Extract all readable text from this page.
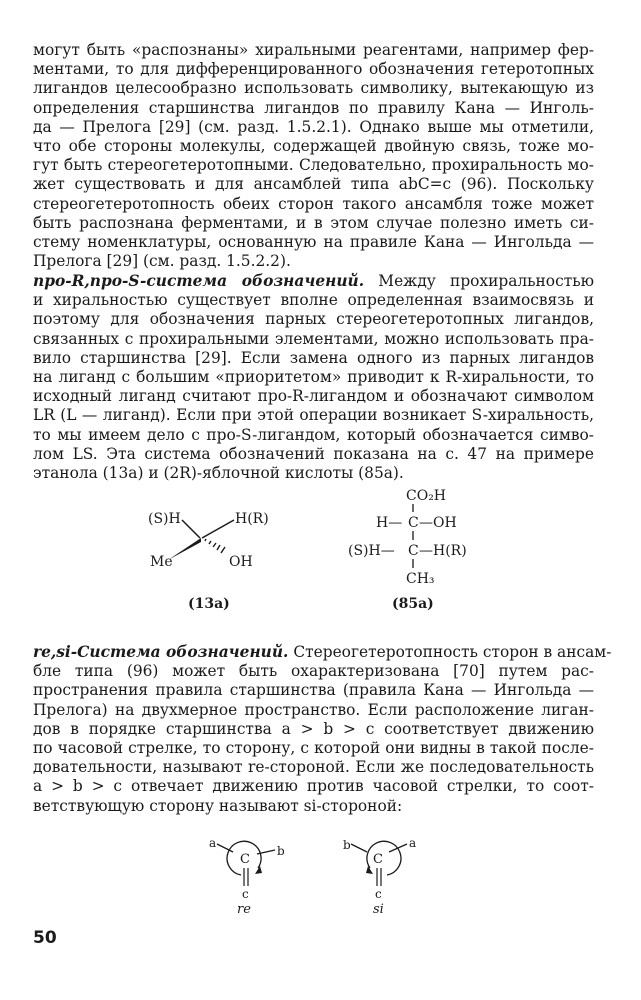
могут быть «распознаны» хиральными реагентами, например фер-
ментами, то для дифференцированного обозначения гетеротопных
лигандов целесообразно использовать символику, вытекающую из
определения старшинства лигандов по правилу Кана — Инголь-
да — Прелога [29] (см. разд. 1.5.2.1). Однако выше мы отметили,
что обе стороны молекулы, содержащей двойную связь, тоже мо-
гут быть стереогетеротопными. Следовательно, прохиральность мо-
жет существовать и для ансамблей типа abC=c (96). Поскольку
стереогетеротопность обеих сторон такого ансамбля тоже может
быть распознана ферментами, и в этом случае полезно иметь си-
стему номенклатуры, основанную на правиле Кана — Ингольда —
Прелога [29] (см. разд. 1.5.2.2).
про-R,про-S-система обозначений. Между прохиральностью
и хиральностью существует вполне определенная взаимосвязь и
поэтому для обозначения парных стереогетеротопных лигандов,
связанных с прохиральными элементами, можно использовать пра-
вило старшинства [29]. Если замена одного из парных лигандов
на лиганд с большим «приоритетом» приводит к R-хиральности, то
исходный лиганд считают про-R-лигандом и обозначают символом
LR (L — лиганд). Если при этой операции возникает S-хиральность,
то мы имеем дело с про-S-лигандом, который обозначается симво-
лом LS. Эта система обозначений показана на с. 47 на примере
этанола (13а) и (2R)-яблочной кислоты (85а).
(S)H	H(R)
Me	OH
(13a)
CO₂H
H— C —OH
(S)H— C —H(R)
CH₃
(85a)
re,si-Система обозначений. Стереогетеротопность сторон в ансам-
бле типа (96) может быть охарактеризована [70] путем рас-
пространения правила старшинства (правила Кана — Ингольда —
Прелога) на двухмерное пространство. Если расположение лиган-
дов в порядке старшинства a > b > c соответствует движению
по часовой стрелке, то сторону, с которой они видны в такой после-
довательности, называют re-стороной. Если же последовательность
a > b > c отвечает движению против часовой стрелки, то соот-
ветствующую сторону называют si-стороной:
a
b
C
c
re
b	a
C
c
si
50
